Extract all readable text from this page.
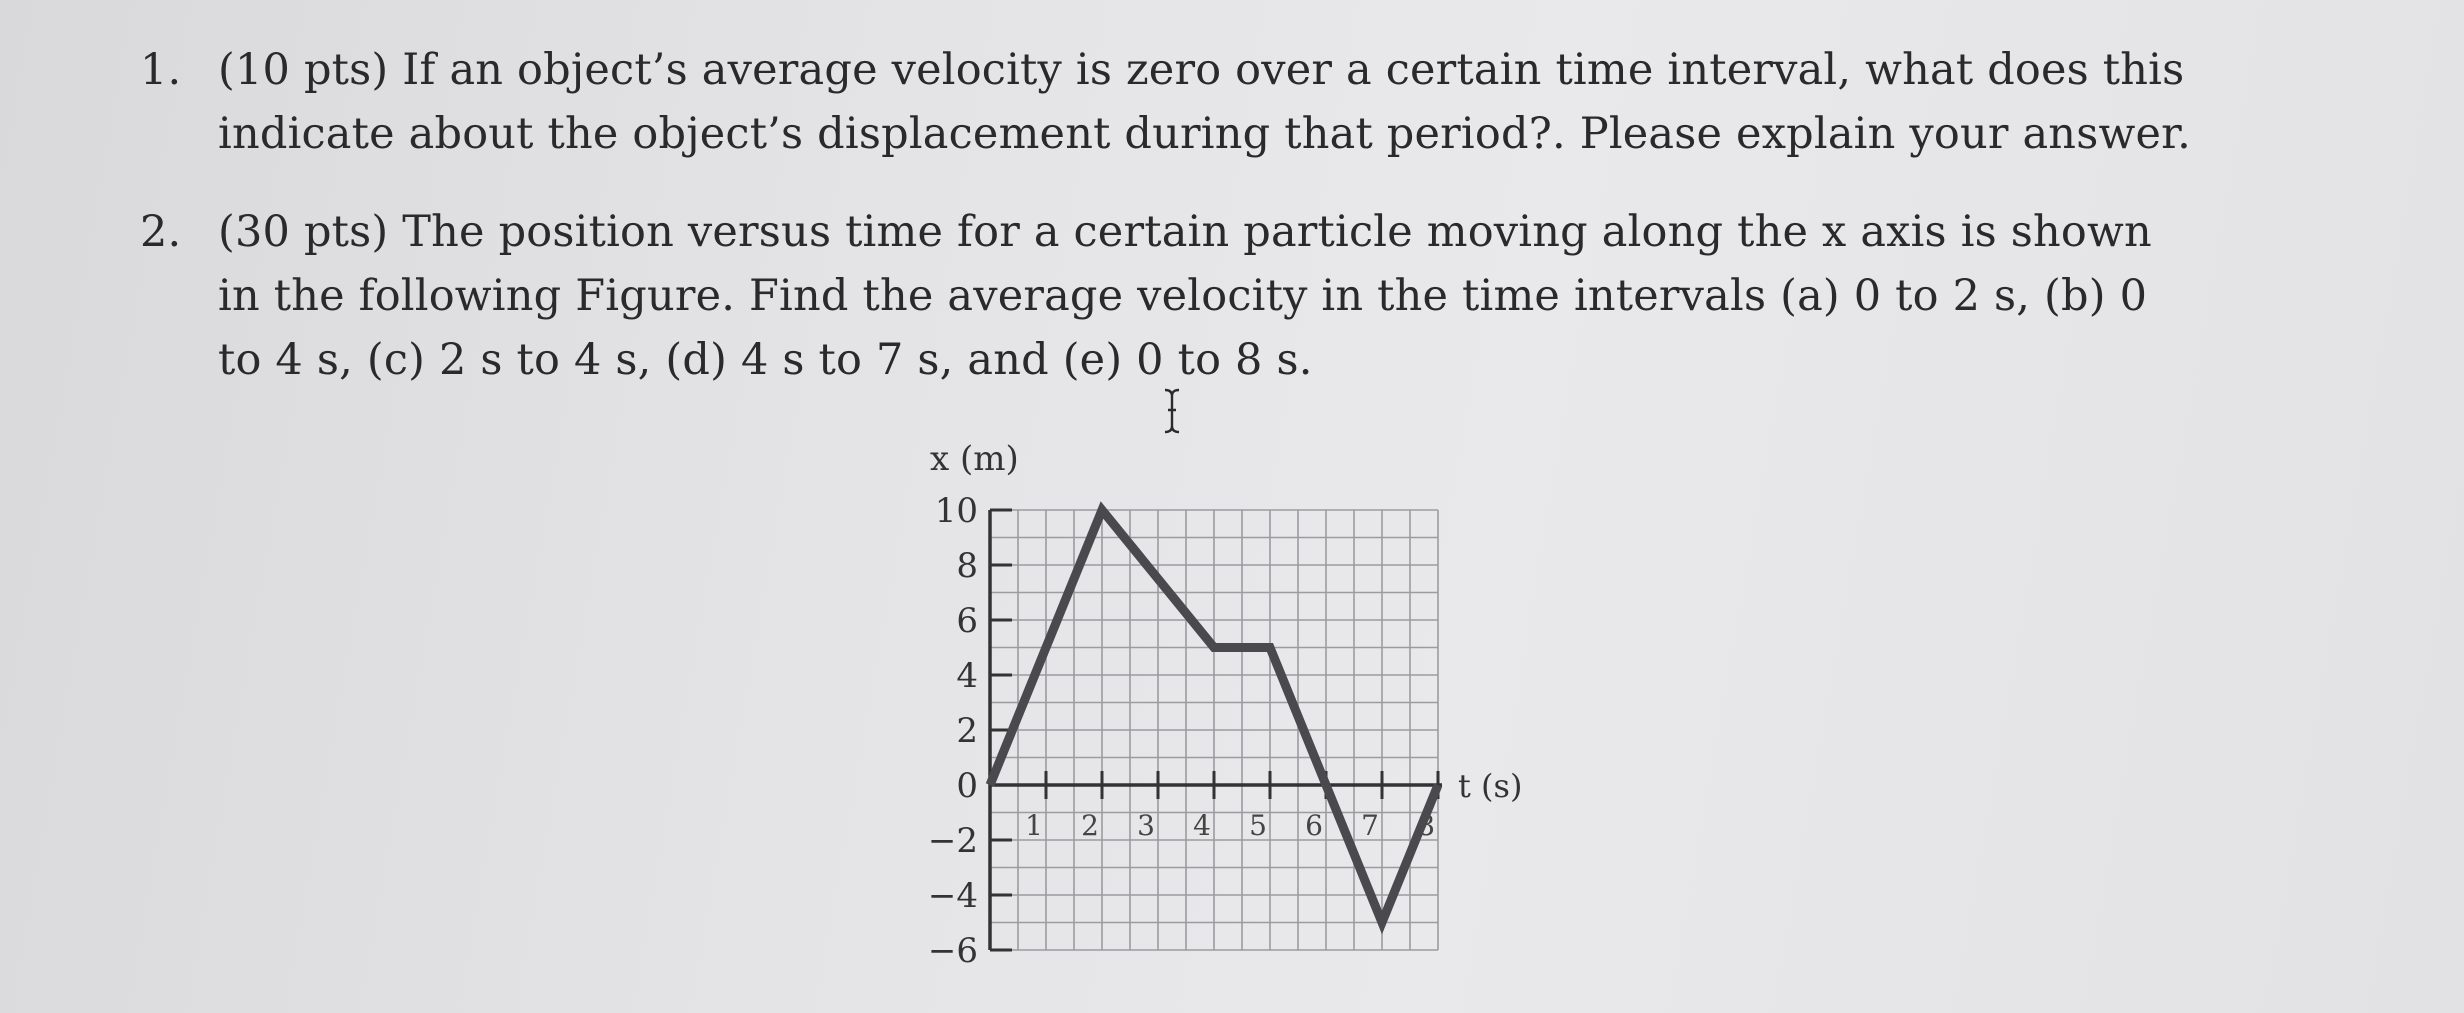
1. (10 pts) If an object’s average velocity is zero over a certain time interval, what does this
indicate about the object’s displacement during that period?. Please explain your answer.
2. (30 pts) The position versus time for a certain particle moving along the x axis is shown
in the following Figure. Find the average velocity in the time intervals (a) 0 to 2 s, (b) 0
to 4 s, (c) 2 s to 4 s, (d) 4 s to 7 s, and (e) 0 to 8 s.
10
8
6
4
2
0
−2
−4
−6
1 2 3 4 5 6 7 8
x (m)
t (s)
